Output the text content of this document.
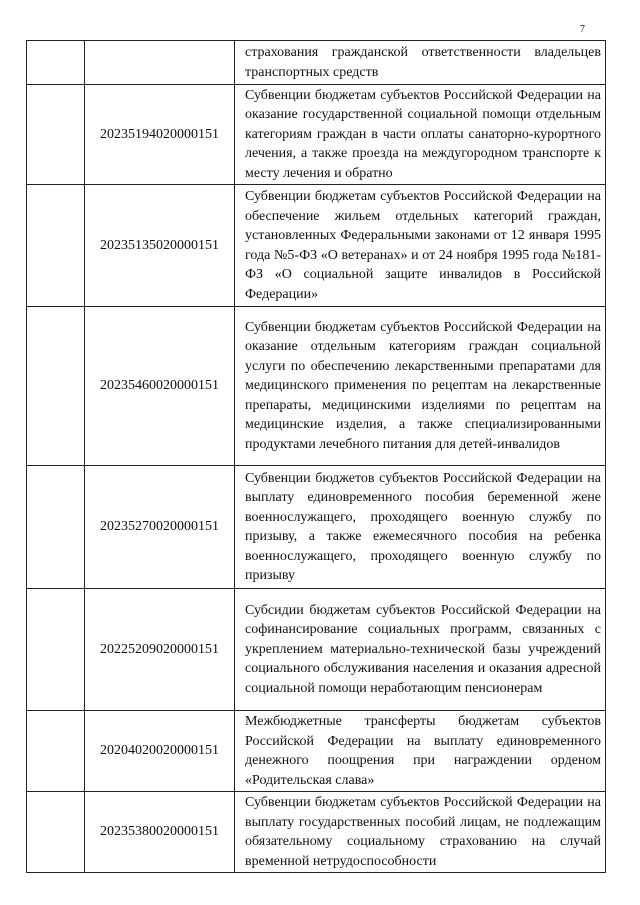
7
		страхования гражданской ответственности владельцев транспортных средств
	20235194020000151	Субвенции бюджетам субъектов Российской Федерации на оказание государственной социальной помощи отдельным категориям граждан в части оплаты санаторно-курортного лечения, а также проезда на междугородном транспорте к месту лечения и обратно
	20235135020000151	Субвенции бюджетам субъектов Российской Федерации на обеспечение жильем отдельных категорий граждан, установленных Федеральными законами от 12 января 1995 года №5-ФЗ «О ветеранах» и от 24 ноября 1995 года №181-ФЗ «О социальной защите инвалидов в Российской Федерации»
	20235460020000151	Субвенции бюджетам субъектов Российской Федерации на оказание отдельным категориям граждан социальной услуги по обеспечению лекарственными препаратами для медицинского применения по рецептам на лекарственные препараты, медицинскими изделиями по рецептам на медицинские изделия, а также специализированными продуктами лечебного питания для детей-инвалидов
	20235270020000151	Субвенции бюджетов субъектов Российской Федерации на выплату единовременного пособия беременной жене военнослужащего, проходящего военную службу по призыву, а также ежемесячного пособия на ребенка военнослужащего, проходящего военную службу по призыву
	20225209020000151	Субсидии бюджетам субъектов Российской Федерации на софинансирование социальных программ, связанных с укреплением материально-технической базы учреждений социального обслуживания населения и оказания адресной социальной помощи неработающим пенсионерам
	20204020020000151	Межбюджетные трансферты бюджетам субъектов Российской Федерации на выплату единовременного денежного поощрения при награждении орденом «Родительская слава»
	20235380020000151	Субвенции бюджетам субъектов Российской Федерации на выплату государственных пособий лицам, не подлежащим обязательному социальному страхованию на случай временной нетрудоспособности
